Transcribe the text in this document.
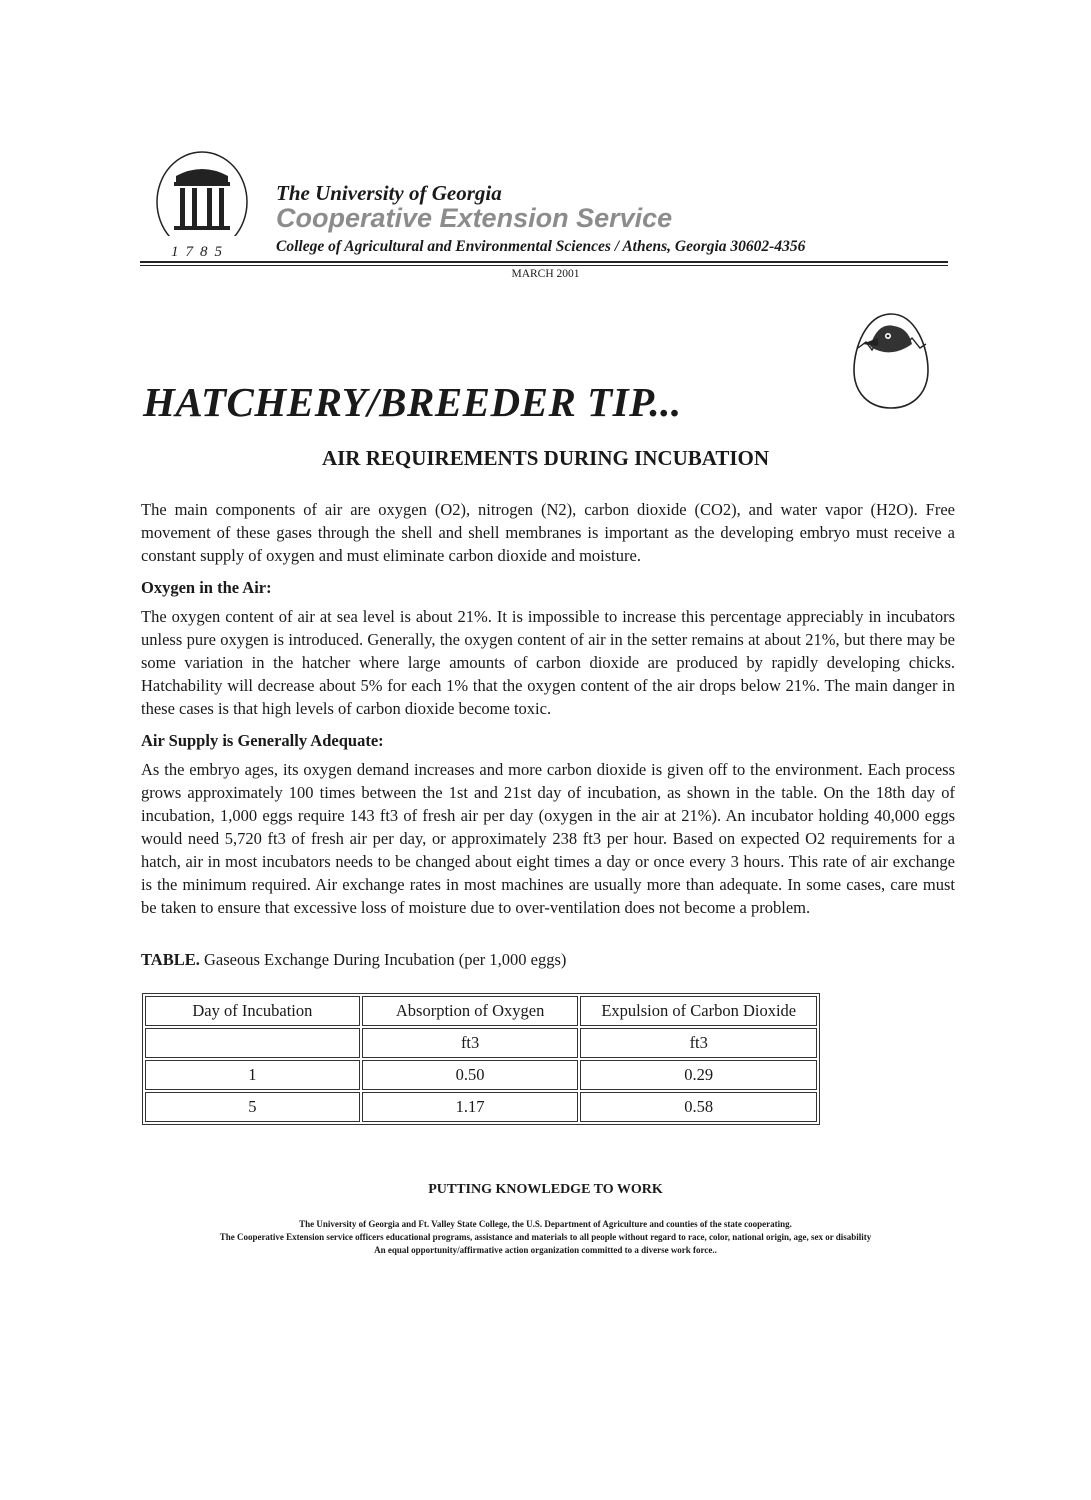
1785
The University of Georgia
Cooperative Extension Service
College of Agricultural and Environmental Sciences / Athens, Georgia 30602-4356
MARCH 2001
HATCHERY/BREEDER TIP...
AIR REQUIREMENTS DURING INCUBATION

The main components of air are oxygen (O2), nitrogen (N2), carbon dioxide (CO2), and water vapor (H2O). Free movement of these gases through the shell and shell membranes is important as the developing embryo must receive a constant supply of oxygen and must eliminate carbon dioxide and moisture.

Oxygen in the Air:

The oxygen content of air at sea level is about 21%. It is impossible to increase this percentage appreciably in incubators unless pure oxygen is introduced. Generally, the oxygen content of air in the setter remains at about 21%, but there may be some variation in the hatcher where large amounts of carbon dioxide are produced by rapidly developing chicks. Hatchability will decrease about 5% for each 1% that the oxygen content of the air drops below 21%. The main danger in these cases is that high levels of carbon dioxide become toxic.

Air Supply is Generally Adequate:

As the embryo ages, its oxygen demand increases and more carbon dioxide is given off to the environment. Each process grows approximately 100 times between the 1st and 21st day of incubation, as shown in the table. On the 18th day of incubation, 1,000 eggs require 143 ft3 of fresh air per day (oxygen in the air at 21%). An incubator holding 40,000 eggs would need 5,720 ft3 of fresh air per day, or approximately 238 ft3 per hour. Based on expected O2 requirements for a hatch, air in most incubators needs to be changed about eight times a day or once every 3 hours. This rate of air exchange is the minimum required. Air exchange rates in most machines are usually more than adequate. In some cases, care must be taken to ensure that excessive loss of moisture due to over-ventilation does not become a problem.

TABLE. Gaseous Exchange During Incubation (per 1,000 eggs)
Day of Incubation	Absorption of Oxygen	Expulsion of Carbon Dioxide
	ft3	ft3
1	0.50	0.29
5	1.17	0.58
PUTTING KNOWLEDGE TO WORK
The University of Georgia and Ft. Valley State College, the U.S. Department of Agriculture and counties of the state cooperating.
The Cooperative Extension service officers educational programs, assistance and materials to all people without regard to race, color, national origin, age, sex or disability
An equal opportunity/affirmative action organization committed to a diverse work force..
